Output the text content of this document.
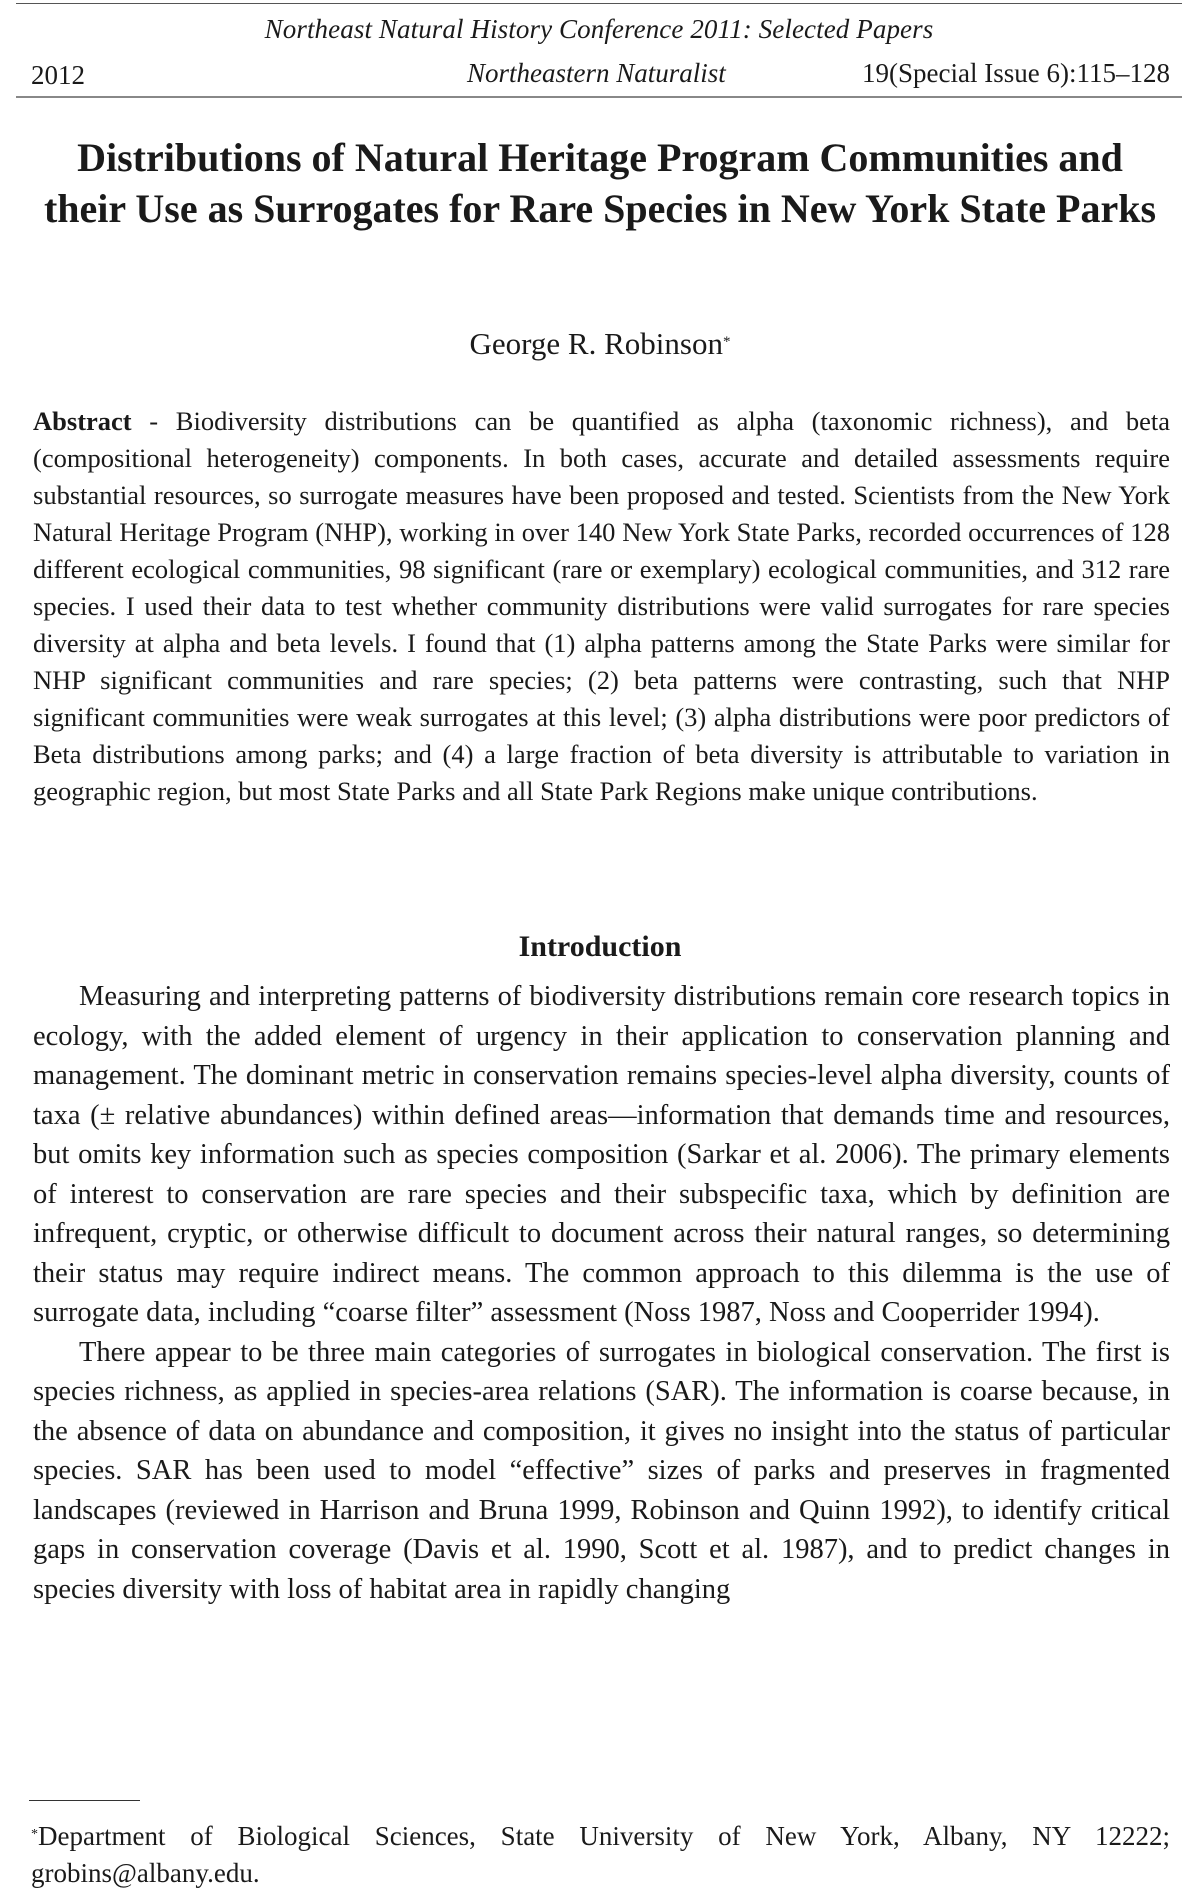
Northeast Natural History Conference 2011: Selected Papers
2012	Northeastern Naturalist	19(Special Issue 6):115–128
Distributions of Natural Heritage Program Communities and their Use as Surrogates for Rare Species in New York State Parks
George R. Robinson*

Abstract - Biodiversity distributions can be quantified as alpha (taxonomic richness), and beta (compositional heterogeneity) components. In both cases, accurate and detailed assessments require substantial resources, so surrogate measures have been proposed and tested. Scientists from the New York Natural Heritage Program (NHP), working in over 140 New York State Parks, recorded occurrences of 128 different ecological communities, 98 significant (rare or exemplary) ecological communities, and 312 rare species. I used their data to test whether community distributions were valid surrogates for rare species diversity at alpha and beta levels. I found that (1) alpha patterns among the State Parks were similar for NHP significant communities and rare species; (2) beta patterns were contrasting, such that NHP significant communities were weak surrogates at this level; (3) alpha distributions were poor predictors of Beta distributions among parks; and (4) a large fraction of beta diversity is attributable to variation in geographic region, but most State Parks and all State Park Regions make unique contributions.

Introduction

Measuring and interpreting patterns of biodiversity distributions remain core research topics in ecology, with the added element of urgency in their application to conservation planning and management. The dominant metric in conservation remains species-level alpha diversity, counts of taxa (± relative abundances) within defined areas—information that demands time and resources, but omits key information such as species composition (Sarkar et al. 2006). The primary elements of interest to conservation are rare species and their subspecific taxa, which by definition are infrequent, cryptic, or otherwise difficult to document across their natural ranges, so determining their status may require indirect means. The common approach to this dilemma is the use of surrogate data, including “coarse filter” assessment (Noss 1987, Noss and Cooperrider 1994).

There appear to be three main categories of surrogates in biological conservation. The first is species richness, as applied in species-area relations (SAR). The information is coarse because, in the absence of data on abundance and composition, it gives no insight into the status of particular species. SAR has been used to model “effective” sizes of parks and preserves in fragmented landscapes (reviewed in Harrison and Bruna 1999, Robinson and Quinn 1992), to identify critical gaps in conservation coverage (Davis et al. 1990, Scott et al. 1987), and to predict changes in species diversity with loss of habitat area in rapidly changing

*Department of Biological Sciences, State University of New York, Albany, NY 12222; grobins@albany.edu.
